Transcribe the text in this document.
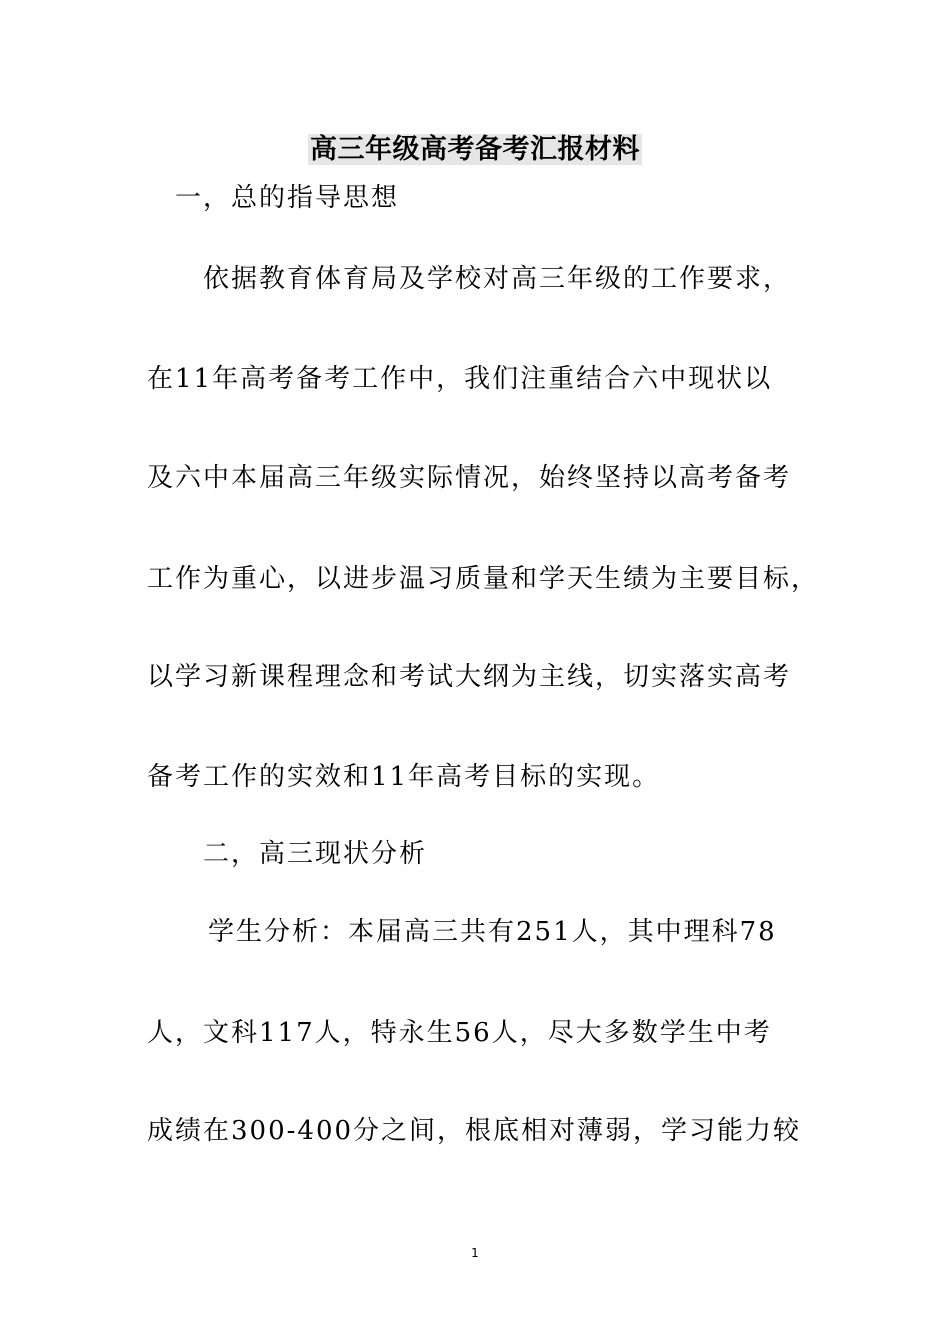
高三年级高考备考汇报材料
一，总的指导思想
依据教育体育局及学校对高三年级的工作要求，
在11年高考备考工作中，我们注重结合六中现状以
及六中本届高三年级实际情况，始终坚持以高考备考
工作为重心，以进步温习质量和学天生绩为主要目标，
以学习新课程理念和考试大纲为主线，切实落实高考
备考工作的实效和11年高考目标的实现。
二，高三现状分析
学生分析：本届高三共有251人，其中理科78
人，文科117人，特永生56人，尽大多数学生中考
成绩在300-400分之间，根底相对薄弱，学习能力较
1
